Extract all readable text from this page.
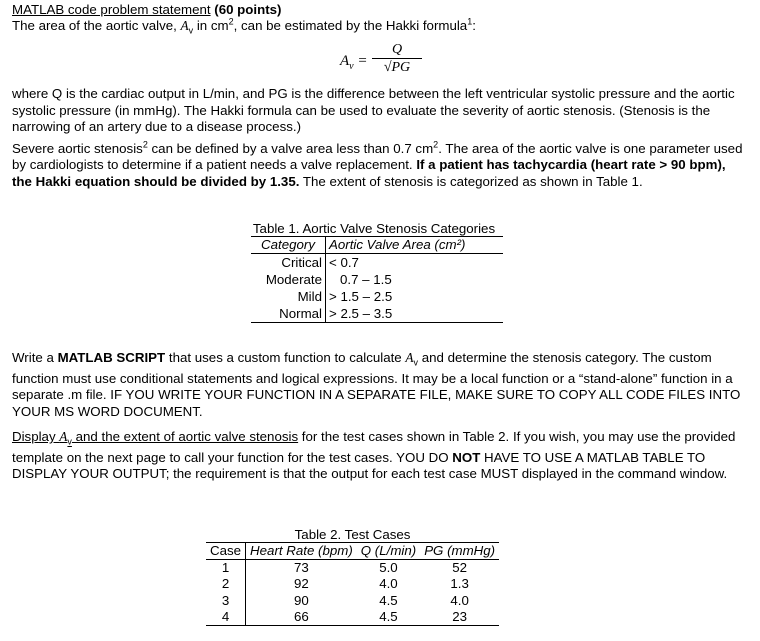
MATLAB code problem statement (60 points)

The area of the aortic valve, $A_v$ in $cm^2$, can be estimated by the Hakki formula$^1$:

$A_v = \frac{Q}{√PG}$

where Q is the cardiac output in L/min, and PG is the difference between the left ventricular systolic pressure and the aortic systolic pressure (in mmHg). The Hakki formula can be used to evaluate the severity of aortic stenosis. (Stenosis is the narrowing of an artery due to a disease process.)

Severe aortic stenosis$^2$ can be defined by a valve area less than 0.7 $cm^2$. The area of the aortic valve is one parameter used by cardiologists to determine if a patient needs a valve replacement. If a patient has tachycardia (heart rate > 90 bpm), the Hakki equation should be divided by 1.35. The extent of stenosis is categorized as shown in Table 1.

Table 1. Aortic Valve Stenosis Categories
Category	Aortic Valve Area (cm²)
Critical	< 0.7
Moderate	0.7 – 1.5
Mild	> 1.5 – 2.5
Normal	> 2.5 – 3.5

Write a MATLAB SCRIPT that uses a custom function to calculate $A_v$ and determine the stenosis category. The custom function must use conditional statements and logical expressions. It may be a local function or a “stand-alone” function in a separate .m file. IF YOU WRITE YOUR FUNCTION IN A SEPARATE FILE, MAKE SURE TO COPY ALL CODE FILES INTO YOUR MS WORD DOCUMENT.

Display $A_v$ and the extent of aortic valve stenosis for the test cases shown in Table 2. If you wish, you may use the provided template on the next page to call your function for the test cases. YOU DO NOT HAVE TO USE A MATLAB TABLE TO DISPLAY YOUR OUTPUT; the requirement is that the output for each test case MUST displayed in the command window.

Table 2. Test Cases
Case	Heart Rate (bpm)	Q (L/min)	PG (mmHg)
1	73	5.0	52
2	92	4.0	1.3
3	90	4.5	4.0
4	66	4.5	23
